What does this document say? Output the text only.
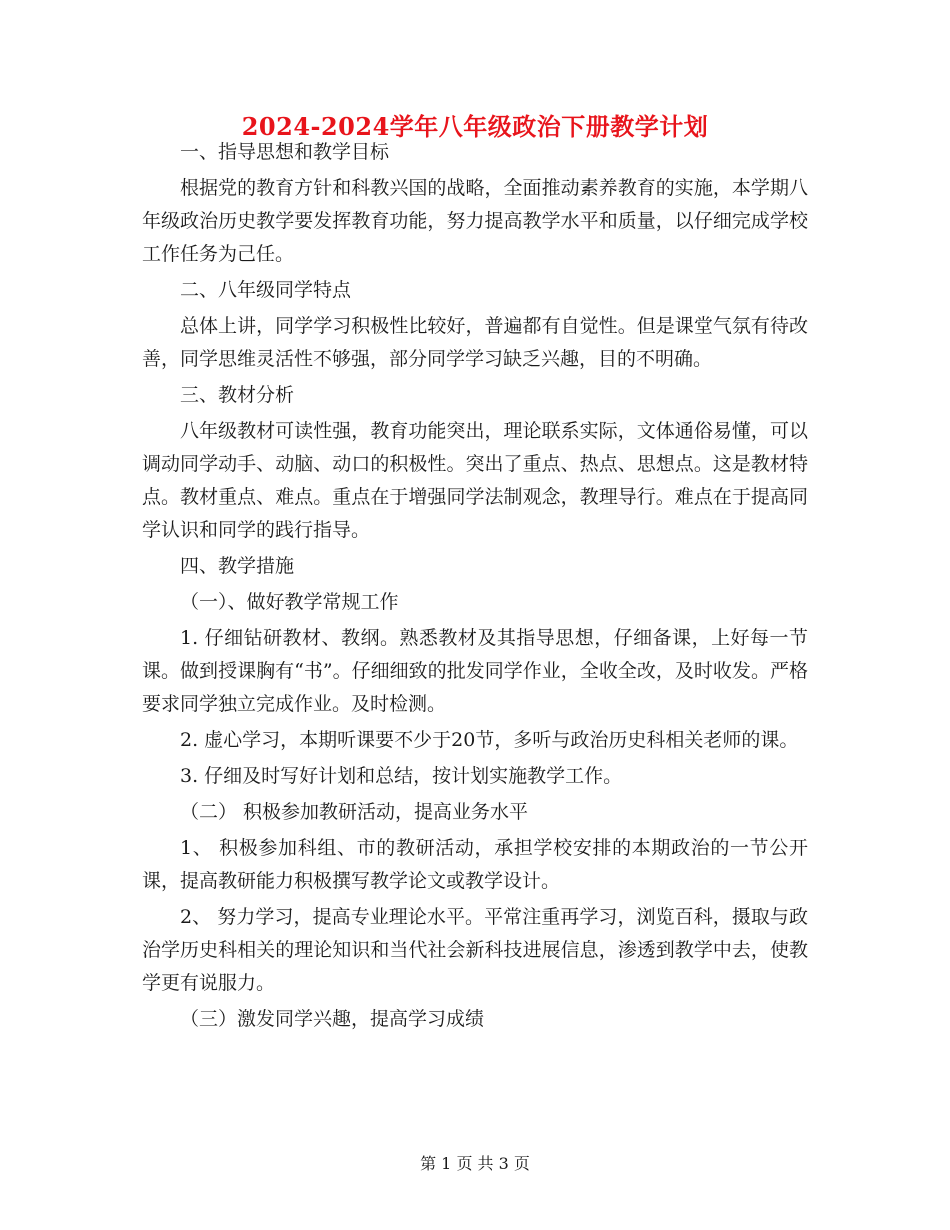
2024-2024学年八年级政治下册教学计划

一、指导思想和教学目标

根据党的教育方针和科教兴国的战略，全面推动素养教育的实施，本学期八年级政治历史教学要发挥教育功能，努力提高教学水平和质量，以仔细完成学校工作任务为己任。

二、八年级同学特点

总体上讲，同学学习积极性比较好，普遍都有自觉性。但是课堂气氛有待改善，同学思维灵活性不够强，部分同学学习缺乏兴趣，目的不明确。

三、教材分析

八年级教材可读性强，教育功能突出，理论联系实际，文体通俗易懂，可以调动同学动手、动脑、动口的积极性。突出了重点、热点、思想点。这是教材特点。教材重点、难点。重点在于增强同学法制观念，教理导行。难点在于提高同学认识和同学的践行指导。

四、教学措施

（一）、做好教学常规工作

1. 仔细钻研教材、教纲。熟悉教材及其指导思想，仔细备课，上好每一节课。做到授课胸有“书”。仔细细致的批发同学作业，全收全改，及时收发。严格要求同学独立完成作业。及时检测。

2. 虚心学习，本期听课要不少于20节，多听与政治历史科相关老师的课。

3. 仔细及时写好计划和总结，按计划实施教学工作。

（二） 积极参加教研活动，提高业务水平

1、 积极参加科组、市的教研活动，承担学校安排的本期政治的一节公开课，提高教研能力积极撰写教学论文或教学设计。

2、 努力学习，提高专业理论水平。平常注重再学习，浏览百科，摄取与政治学历史科相关的理论知识和当代社会新科技进展信息，渗透到教学中去，使教学更有说服力。

（三）激发同学兴趣，提高学习成绩

第 1 页 共 3 页
